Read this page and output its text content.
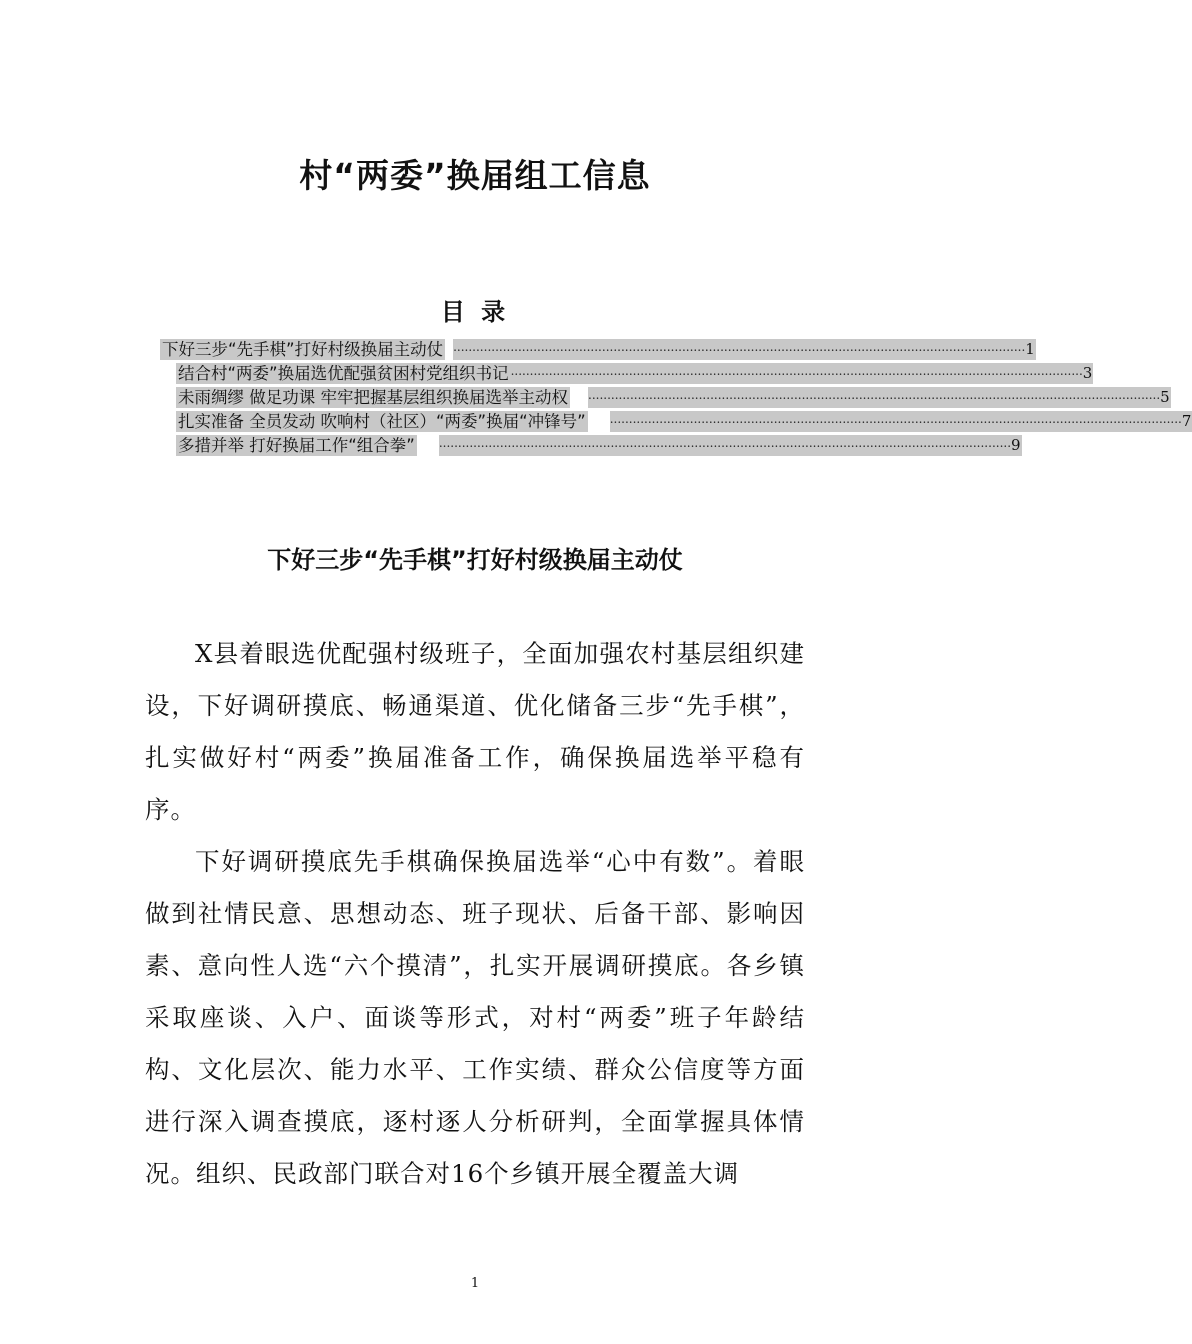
村“两委”换届组工信息
目 录
下好三步“先手棋”打好村级换届主动仗 ...................................................................................................................................................... 1
结合村“两委”换届选优配强贫困村党组织书记 ...................................................................................................................................................... 3
未雨绸缪 做足功课 牢牢把握基层组织换届选举主动权 ...................................................................................................................................................... 5
扎实准备 全员发动 吹响村（社区）“两委”换届“冲锋号” ...................................................................................................................................................... 7
多措并举 打好换届工作“组合拳” ...................................................................................................................................................... 9
下好三步“先手棋”打好村级换届主动仗

X县着眼选优配强村级班子，全面加强农村基层组织建设，下好调研摸底、畅通渠道、优化储备三步“先手棋”，扎实做好村“两委”换届准备工作，确保换届选举平稳有序。

下好调研摸底先手棋确保换届选举“心中有数”。着眼做到社情民意、思想动态、班子现状、后备干部、影响因素、意向性人选“六个摸清”，扎实开展调研摸底。各乡镇采取座谈、入户、面谈等形式，对村“两委”班子年龄结构、文化层次、能力水平、工作实绩、群众公信度等方面进行深入调查摸底，逐村逐人分析研判，全面掌握具体情况。组织、民政部门联合对16个乡镇开展全覆盖大调

1
